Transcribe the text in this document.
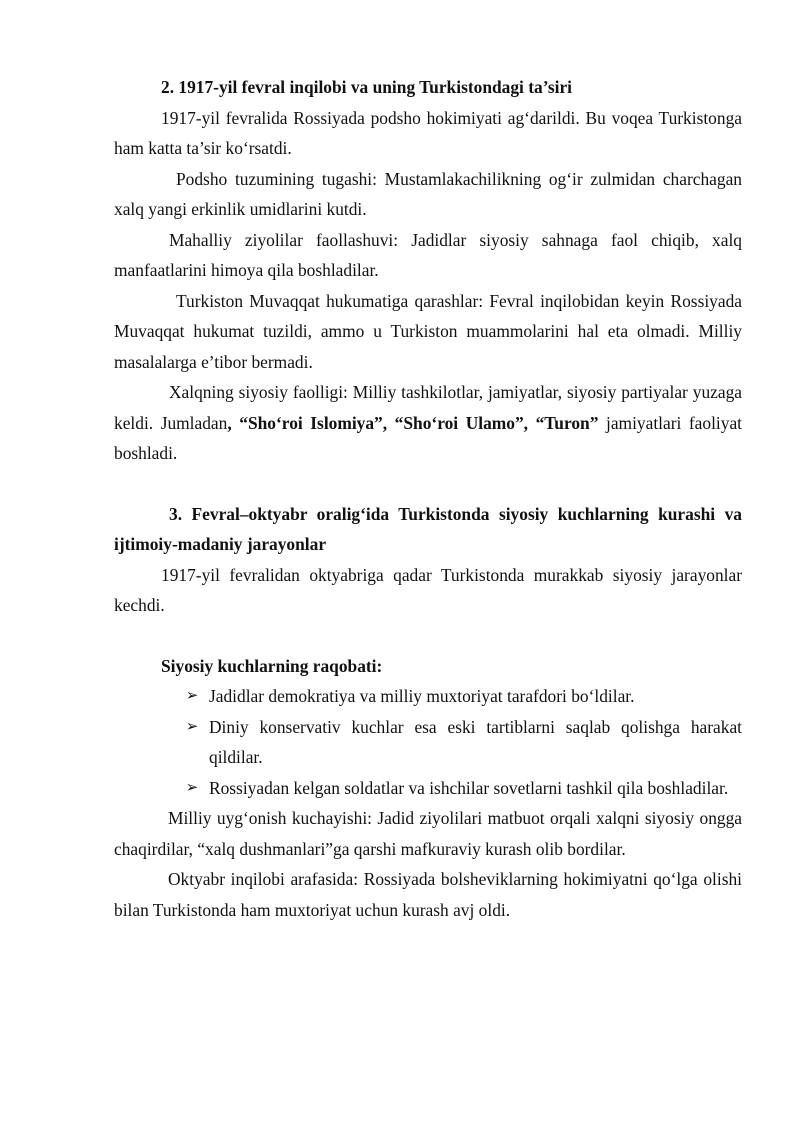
2. 1917-yil fevral inqilobi va uning Turkistondagi ta’siri

1917-yil fevralida Rossiyada podsho hokimiyati ag‘darildi. Bu voqea Turkistonga ham katta ta’sir ko‘rsatdi.

Podsho tuzumining tugashi: Mustamlakachilikning og‘ir zulmidan charchagan xalq yangi erkinlik umidlarini kutdi.

Mahalliy ziyolilar faollashuvi: Jadidlar siyosiy sahnaga faol chiqib, xalq manfaatlarini himoya qila boshladilar.

Turkiston Muvaqqat hukumatiga qarashlar: Fevral inqilobidan keyin Rossiyada Muvaqqat hukumat tuzildi, ammo u Turkiston muammolarini hal eta olmadi. Milliy masalalarga e’tibor bermadi.

Xalqning siyosiy faolligi: Milliy tashkilotlar, jamiyatlar, siyosiy partiyalar yuzaga keldi. Jumladan, “Sho‘roi Islomiya”, “Sho‘roi Ulamo”, “Turon” jamiyatlari faoliyat boshladi.

3. Fevral–oktyabr oralig‘ida Turkistonda siyosiy kuchlarning kurashi va ijtimoiy-madaniy jarayonlar

1917-yil fevralidan oktyabriga qadar Turkistonda murakkab siyosiy jarayonlar kechdi.

Siyosiy kuchlarning raqobati:

➢ Jadidlar demokratiya va milliy muxtoriyat tarafdori bo‘ldilar.
➢ Diniy konservativ kuchlar esa eski tartiblarni saqlab qolishga harakat qildilar.
➢ Rossiyadan kelgan soldatlar va ishchilar sovetlarni tashkil qila boshladilar.

Milliy uyg‘onish kuchayishi: Jadid ziyolilari matbuot orqali xalqni siyosiy ongga chaqirdilar, “xalq dushmanlari”ga qarshi mafkuraviy kurash olib bordilar.

Oktyabr inqilobi arafasida: Rossiyada bolsheviklarning hokimiyatni qo‘lga olishi bilan Turkistonda ham muxtoriyat uchun kurash avj oldi.
